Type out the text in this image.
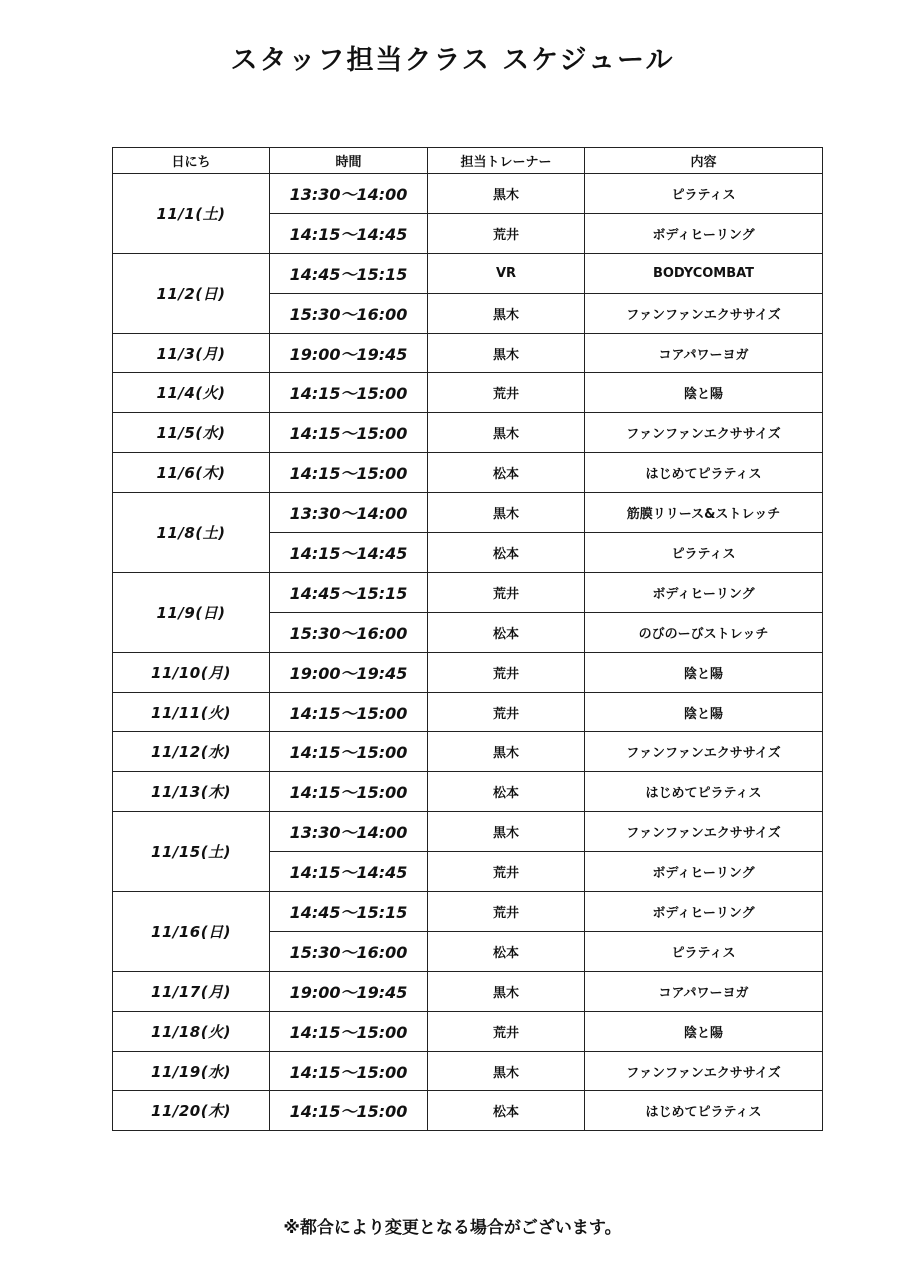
スタッフ担当クラス スケジュール
日にち	時間	担当トレーナー	内容
11/1(土)	13:30〜14:00	黒木	ピラティス
	14:15〜14:45	荒井	ボディヒーリング
11/2(日)	14:45〜15:15	VR	BODYCOMBAT
	15:30〜16:00	黒木	ファンファンエクササイズ
11/3(月)	19:00〜19:45	黒木	コアパワーヨガ
11/4(火)	14:15〜15:00	荒井	陰と陽
11/5(水)	14:15〜15:00	黒木	ファンファンエクササイズ
11/6(木)	14:15〜15:00	松本	はじめてピラティス
11/8(土)	13:30〜14:00	黒木	筋膜リリース&ストレッチ
	14:15〜14:45	松本	ピラティス
11/9(日)	14:45〜15:15	荒井	ボディヒーリング
	15:30〜16:00	松本	のびのーびストレッチ
11/10(月)	19:00〜19:45	荒井	陰と陽
11/11(火)	14:15〜15:00	荒井	陰と陽
11/12(水)	14:15〜15:00	黒木	ファンファンエクササイズ
11/13(木)	14:15〜15:00	松本	はじめてピラティス
11/15(土)	13:30〜14:00	黒木	ファンファンエクササイズ
	14:15〜14:45	荒井	ボディヒーリング
11/16(日)	14:45〜15:15	荒井	ボディヒーリング
	15:30〜16:00	松本	ピラティス
11/17(月)	19:00〜19:45	黒木	コアパワーヨガ
11/18(火)	14:15〜15:00	荒井	陰と陽
11/19(水)	14:15〜15:00	黒木	ファンファンエクササイズ
11/20(木)	14:15〜15:00	松本	はじめてピラティス
※都合により変更となる場合がございます。
